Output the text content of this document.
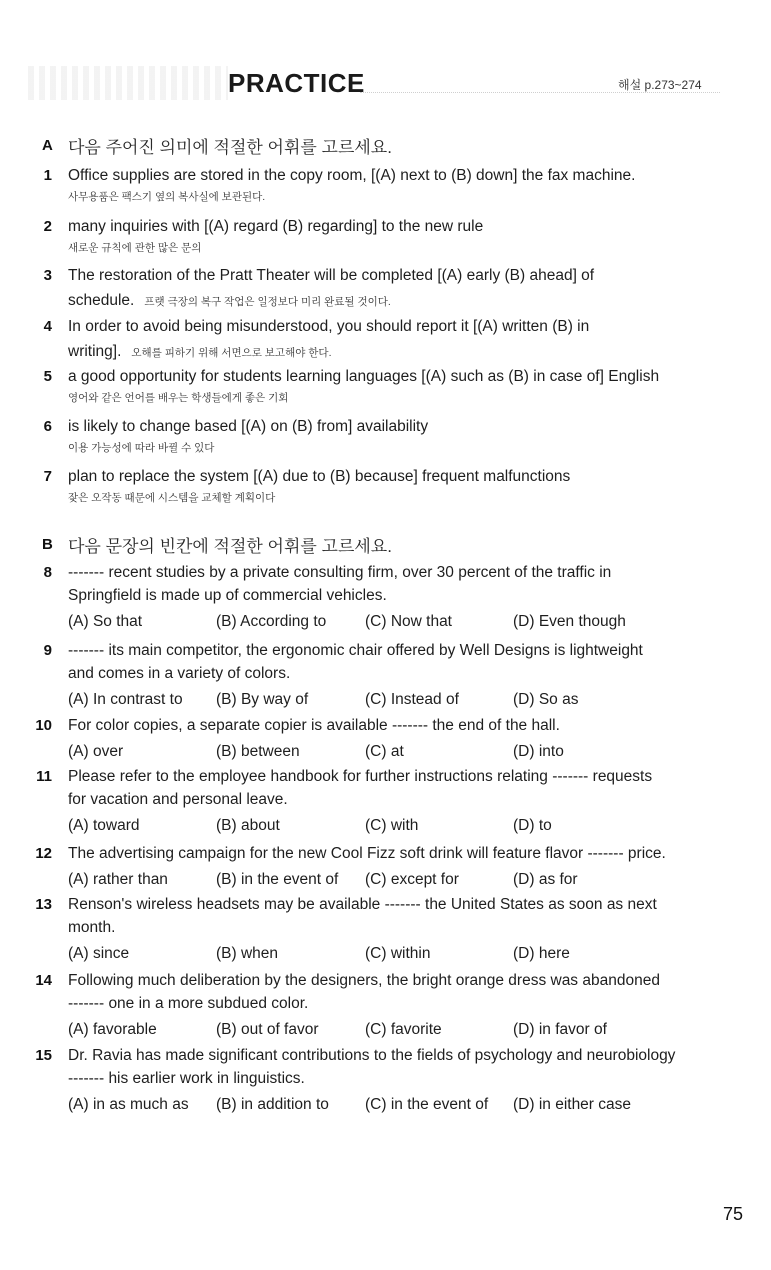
PRACTICE	해설 p.273~274
A 다음 주어진 의미에 적절한 어휘를 고르세요.
1 Office supplies are stored in the copy room, [(A) next to (B) down] the fax machine.
사무용품은 팩스기 옆의 복사실에 보관된다.
2 many inquiries with [(A) regard (B) regarding] to the new rule
새로운 규칙에 관한 많은 문의
3 The restoration of the Pratt Theater will be completed [(A) early (B) ahead] of
schedule. 프랫 극장의 복구 작업은 일정보다 미리 완료될 것이다.
4 In order to avoid being misunderstood, you should report it [(A) written (B) in
writing]. 오해를 피하기 위해 서면으로 보고해야 한다.
5 a good opportunity for students learning languages [(A) such as (B) in case of] English
영어와 같은 언어를 배우는 학생들에게 좋은 기회
6 is likely to change based [(A) on (B) from] availability
이용 가능성에 따라 바뀔 수 있다
7 plan to replace the system [(A) due to (B) because] frequent malfunctions
잦은 오작동 때문에 시스템을 교체할 계획이다
B 다음 문장의 빈칸에 적절한 어휘를 고르세요.
8 ------- recent studies by a private consulting firm, over 30 percent of the traffic in
Springfield is made up of commercial vehicles.
(A) So that	(B) According to (C) Now that	(D) Even though
9 ------- its main competitor, the ergonomic chair offered by Well Designs is lightweight
and comes in a variety of colors.
(A) In contrast to (B) By way of	(C) Instead of	(D) So as
10 For color copies, a separate copier is available ------- the end of the hall.
(A) over	(B) between	(C) at	(D) into
11 Please refer to the employee handbook for further instructions relating ------- requests
for vacation and personal leave.
(A) toward	(B) about	(C) with	(D) to
12 The advertising campaign for the new Cool Fizz soft drink will feature flavor ------- price.
(A) rather than	(B) in the event of (C) except for	(D) as for
13 Renson's wireless headsets may be available ------- the United States as soon as next
month.
(A) since	(B) when	(C) within	(D) here
14 Following much deliberation by the designers, the bright orange dress was abandoned
------- one in a more subdued color.
(A) favorable	(B) out of favor	(C) favorite	(D) in favor of
15 Dr. Ravia has made significant contributions to the fields of psychology and neurobiology
------- his earlier work in linguistics.
(A) in as much as (B) in addition to (C) in the event of (D) in either case
75
